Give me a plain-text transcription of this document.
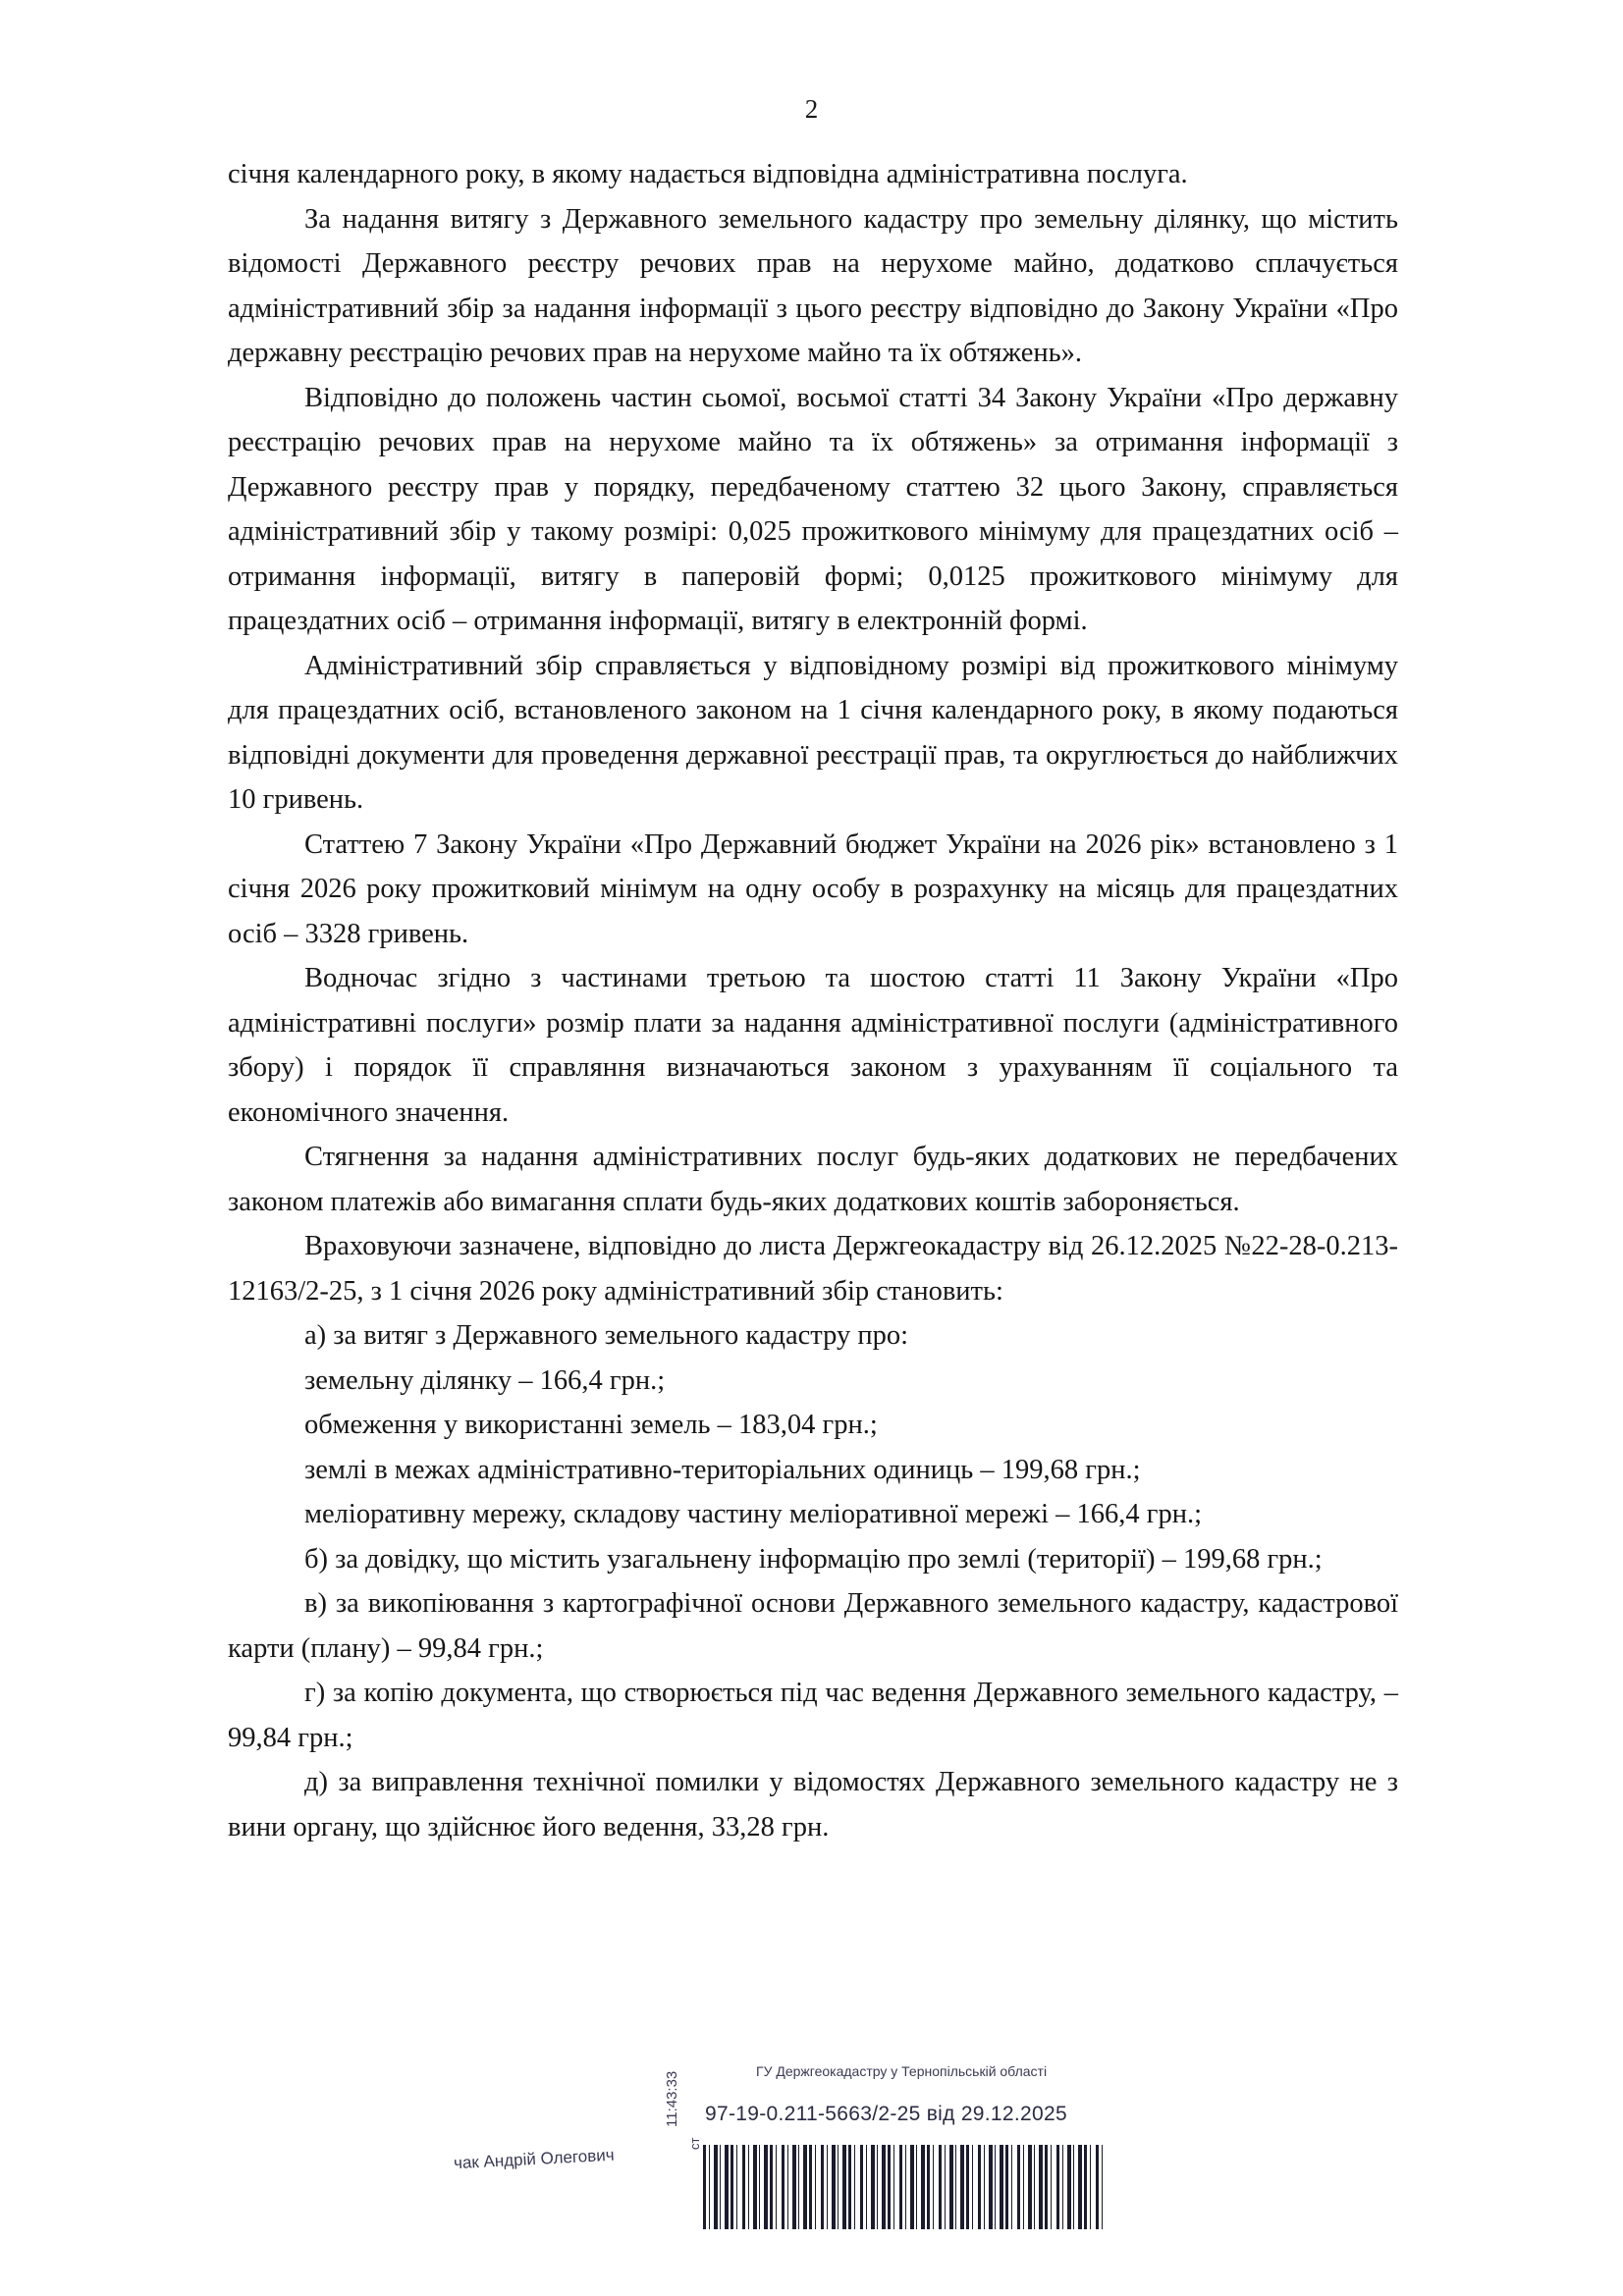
2

січня календарного року, в якому надається відповідна адміністративна послуга.

За надання витягу з Державного земельного кадастру про земельну ділянку, що містить відомості Державного реєстру речових прав на нерухоме майно, додатково сплачується адміністративний збір за надання інформації з цього реєстру відповідно до Закону України «Про державну реєстрацію речових прав на нерухоме майно та їх обтяжень».

Відповідно до положень частин сьомої, восьмої статті 34 Закону України «Про державну реєстрацію речових прав на нерухоме майно та їх обтяжень» за отримання інформації з Державного реєстру прав у порядку, передбаченому статтею 32 цього Закону, справляється адміністративний збір у такому розмірі: 0,025 прожиткового мінімуму для працездатних осіб – отримання інформації, витягу в паперовій формі; 0,0125 прожиткового мінімуму для працездатних осіб – отримання інформації, витягу в електронній формі.

Адміністративний збір справляється у відповідному розмірі від прожиткового мінімуму для працездатних осіб, встановленого законом на 1 січня календарного року, в якому подаються відповідні документи для проведення державної реєстрації прав, та округлюється до найближчих 10 гривень.

Статтею 7 Закону України «Про Державний бюджет України на 2026 рік» встановлено з 1 січня 2026 року прожитковий мінімум на одну особу в розрахунку на місяць для працездатних осіб – 3328 гривень.

Водночас згідно з частинами третьою та шостою статті 11 Закону України «Про адміністративні послуги» розмір плати за надання адміністративної послуги (адміністративного збору) і порядок її справляння визначаються законом з урахуванням її соціального та економічного значення.

Стягнення за надання адміністративних послуг будь-яких додаткових не передбачених законом платежів або вимагання сплати будь-яких додаткових коштів забороняється.

Враховуючи зазначене, відповідно до листа Держгеокадастру від 26.12.2025 №22-28-0.213-12163/2-25, з 1 січня 2026 року адміністративний збір становить:

а) за витяг з Державного земельного кадастру про:

земельну ділянку – 166,4 грн.;

обмеження у використанні земель – 183,04 грн.;

землі в межах адміністративно-територіальних одиниць – 199,68 грн.;

меліоративну мережу, складову частину меліоративної мережі – 166,4 грн.;

б) за довідку, що містить узагальнену інформацію про землі (території) – 199,68 грн.;

в) за викопіювання з картографічної основи Державного земельного кадастру, кадастрової карти (плану) – 99,84 грн.;

г) за копію документа, що створюється під час ведення Державного земельного кадастру, – 99,84 грн.;

д) за виправлення технічної помилки у відомостях Державного земельного кадастру не з вини органу, що здійснює його ведення, 33,28 грн.

ГУ Держгеокадастру у Тернопільській області
97-19-0.211-5663/2-25 від 29.12.2025
чак Андрій Олегович
11:43:33
ст
